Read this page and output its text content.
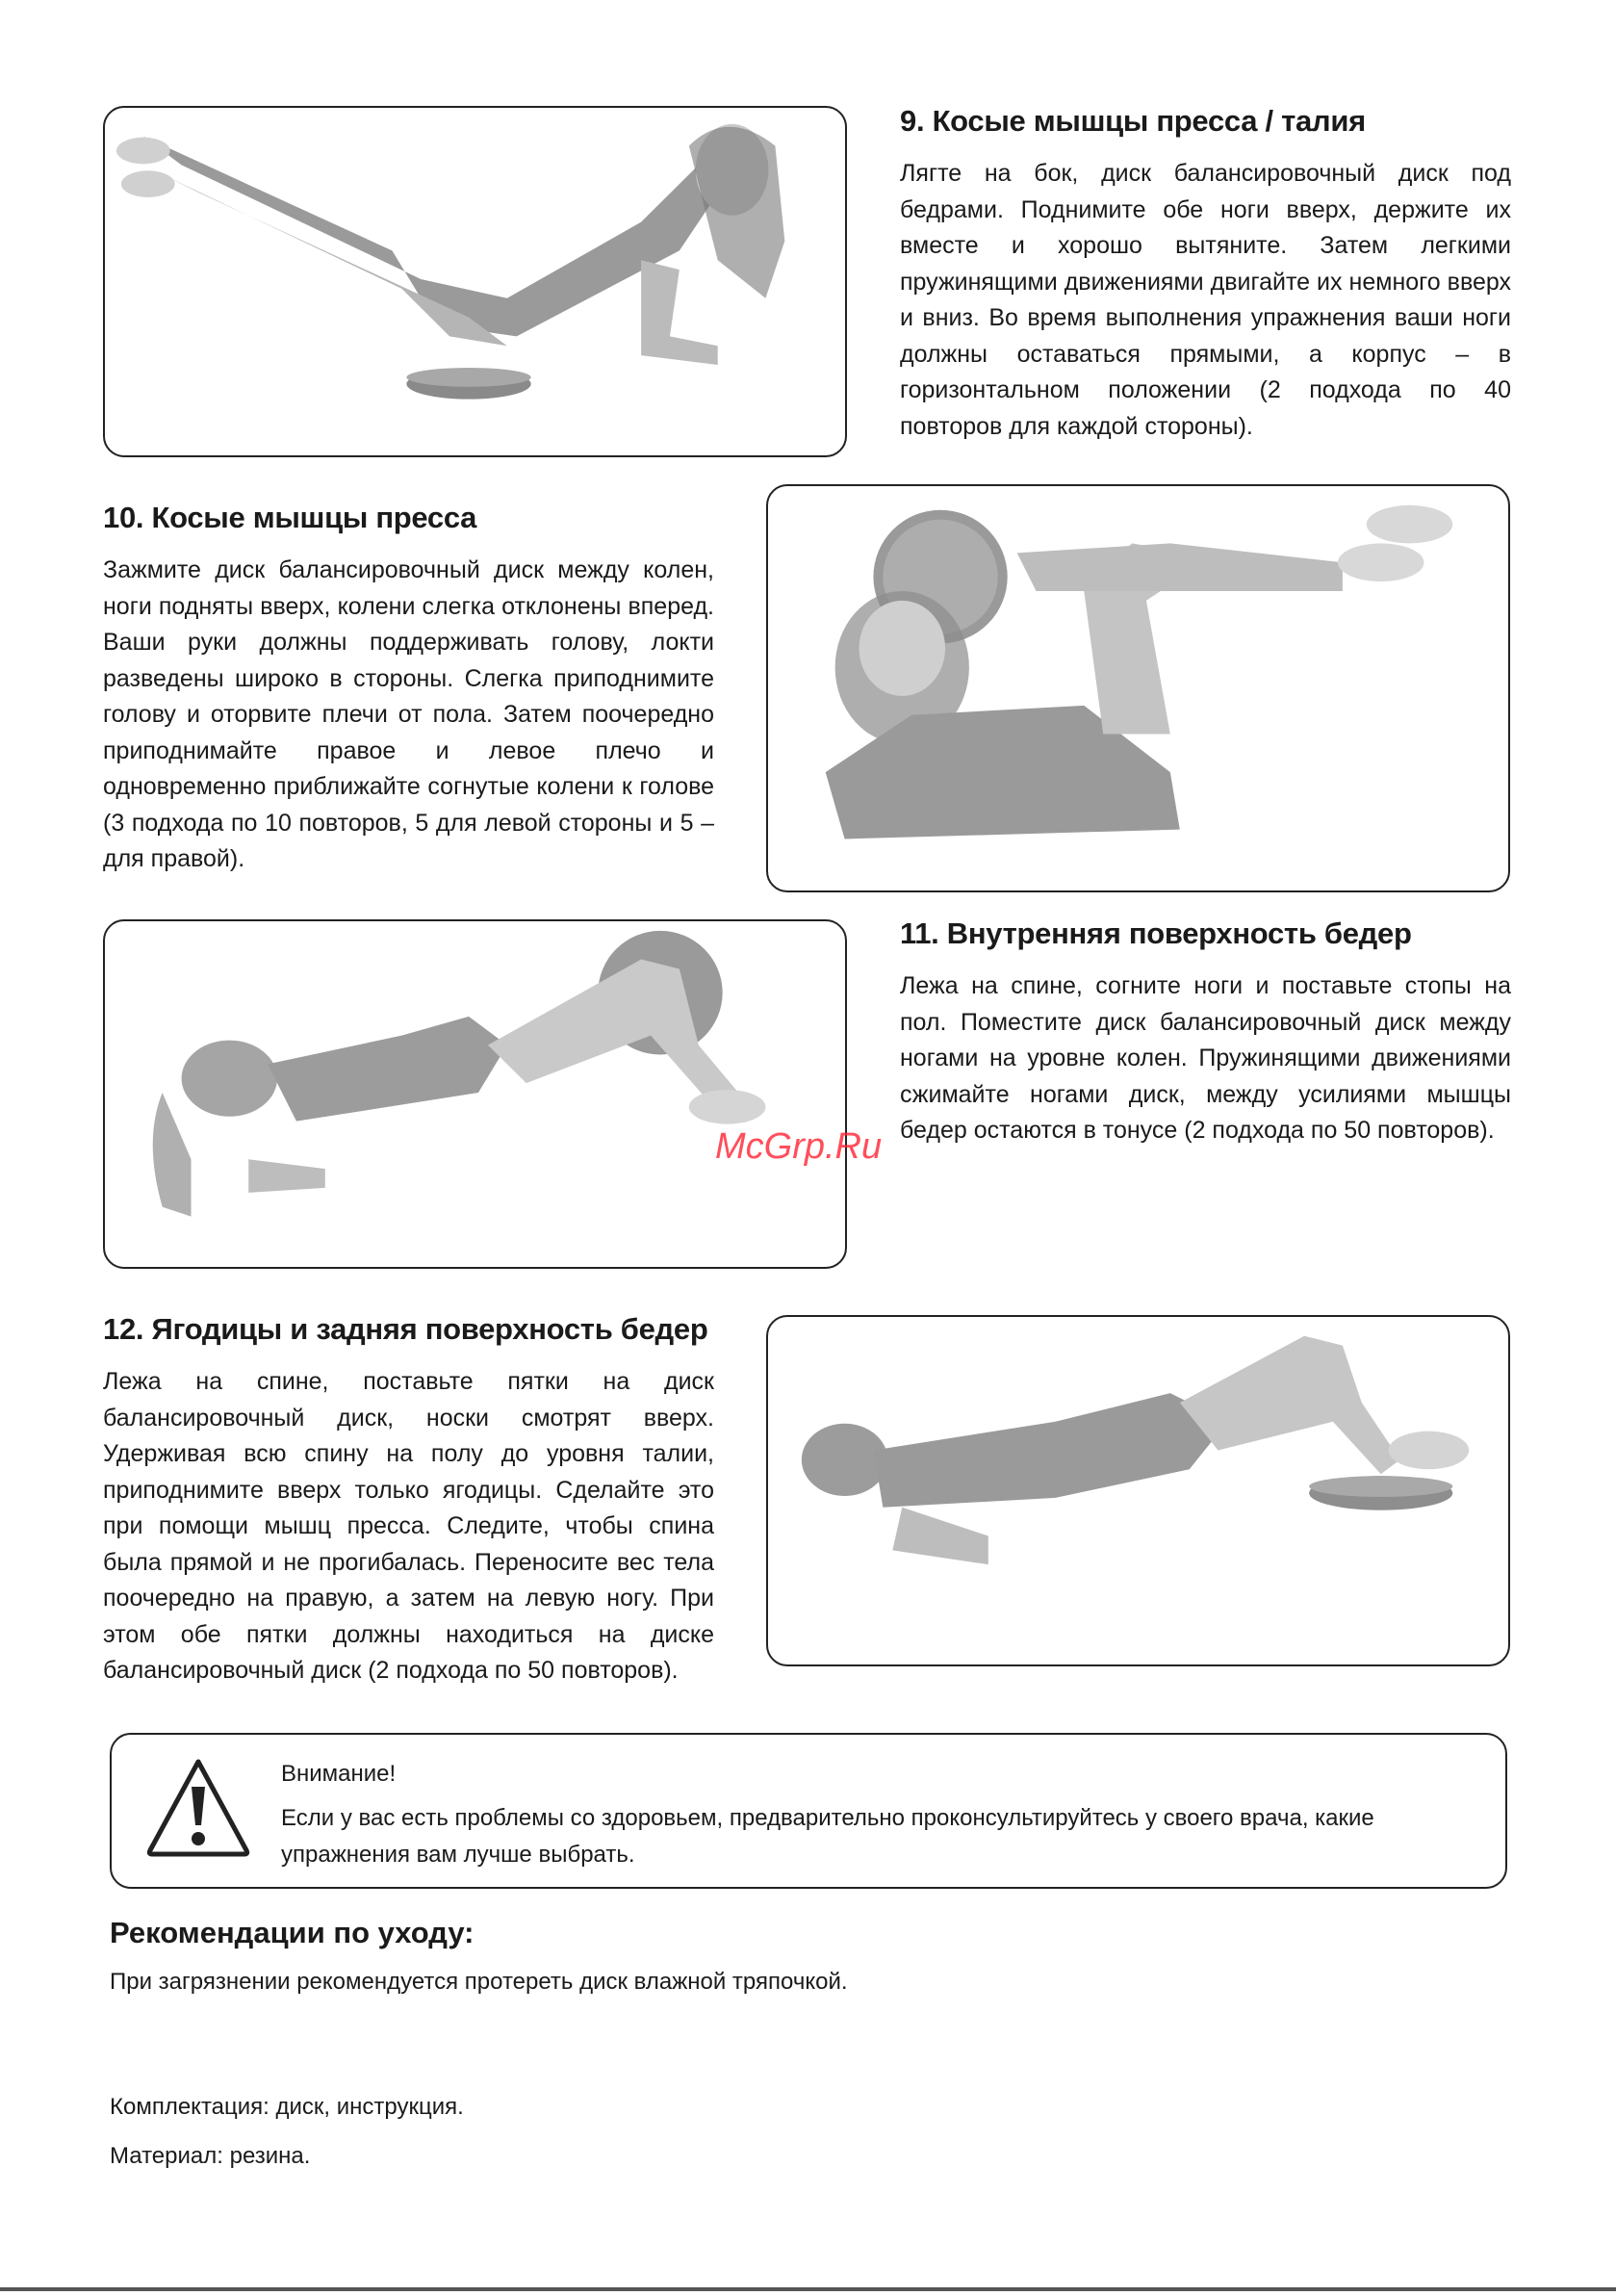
9. Косые мышцы пресса / талия

Лягте на бок, диск балансировочный диск под бедрами. Поднимите обе ноги вверх, держите их вместе и хорошо вытяните. Затем легкими пружинящими движениями двигайте их немного вверх и вниз. Во время выполнения упражнения ваши ноги должны оставаться прямыми, а корпус – в горизонтальном положении (2 подхода по 40 повторов для каждой стороны).

10. Косые мышцы пресса

Зажмите диск балансировочный диск между колен, ноги подняты вверх, колени слегка отклонены вперед. Ваши руки должны поддерживать голову, локти разведены широко в стороны. Слегка приподнимите голову и оторвите плечи от пола. Затем поочередно приподнимайте правое и левое плечо и одновременно приближайте согнутые колени к голове (3 подхода по 10 повторов, 5 для левой стороны и 5 – для правой).

11. Внутренняя поверхность бедер

Лежа на спине, согните ноги и поставьте стопы на пол. Поместите диск балансировочный диск между ногами на уровне колен. Пружинящими движениями сжимайте ногами диск, между усилиями мышцы бедер остаются в тонусе (2 подхода по 50 повторов).

McGrp.Ru
12. Ягодицы и задняя поверхность бедер

Лежа на спине, поставьте пятки на диск балансировочный диск, носки смотрят вверх. Удерживая всю спину на полу до уровня талии, приподнимите вверх только ягодицы. Сделайте это при помощи мышц пресса. Следите, чтобы спина была прямой и не прогибалась. Переносите вес тела поочередно на правую, а затем на левую ногу. При этом обе пятки должны находиться на диске балансировочный диск (2 подхода по 50 повторов).

Внимание!
Если у вас есть проблемы со здоровьем, предварительно проконсультируйтесь у своего врача, какие упражнения вам лучше выбрать.
Рекомендации по уходу:

При загрязнении рекомендуется протереть диск влажной тряпочкой.

Комплектация: диск, инструкция.

Материал: резина.
